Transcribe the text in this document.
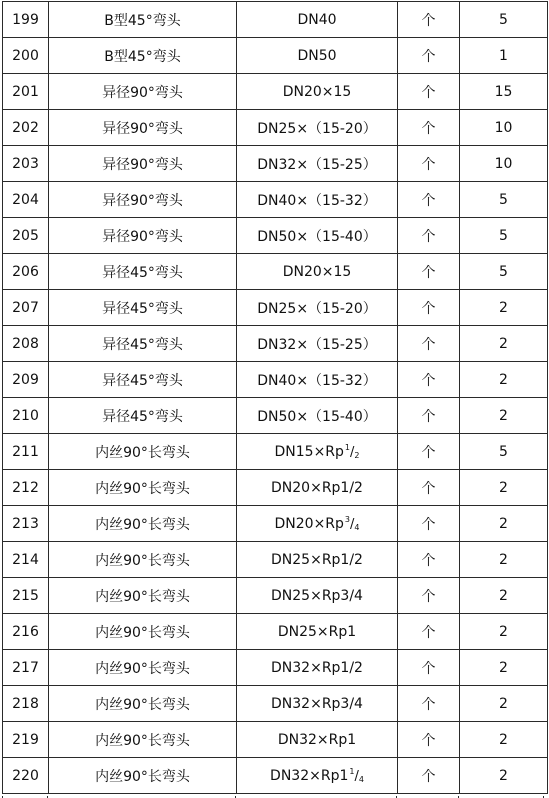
199	B型45°弯头	DN40	个	5
200	B型45°弯头	DN50	个	1
201	异径90°弯头	DN20×15	个	15
202	异径90°弯头	DN25×（15-20）	个	10
203	异径90°弯头	DN32×（15-25）	个	10
204	异径90°弯头	DN40×（15-32）	个	5
205	异径90°弯头	DN50×（15-40）	个	5
206	异径45°弯头	DN20×15	个	5
207	异径45°弯头	DN25×（15-20）	个	2
208	异径45°弯头	DN32×（15-25）	个	2
209	异径45°弯头	DN40×（15-32）	个	2
210	异径45°弯头	DN50×（15-40）	个	2
211	内丝90°长弯头	$DN15\times Rp^1/2$	个	5
212	内丝90°长弯头	DN20×Rp1/2	个	2
213	内丝90°长弯头	$DN20\times Rp^3/4$	个	2
214	内丝90°长弯头	DN25×Rp1/2	个	2
215	内丝90°长弯头	DN25×Rp3/4	个	2
216	内丝90°长弯头	DN25×Rp1	个	2
217	内丝90°长弯头	DN32×Rp1/2	个	2
218	内丝90°长弯头	DN32×Rp3/4	个	2
219	内丝90°长弯头	DN32×Rp1	个	2
220	内丝90°长弯头	$DN32\times Rp1^1/4$	个	2
